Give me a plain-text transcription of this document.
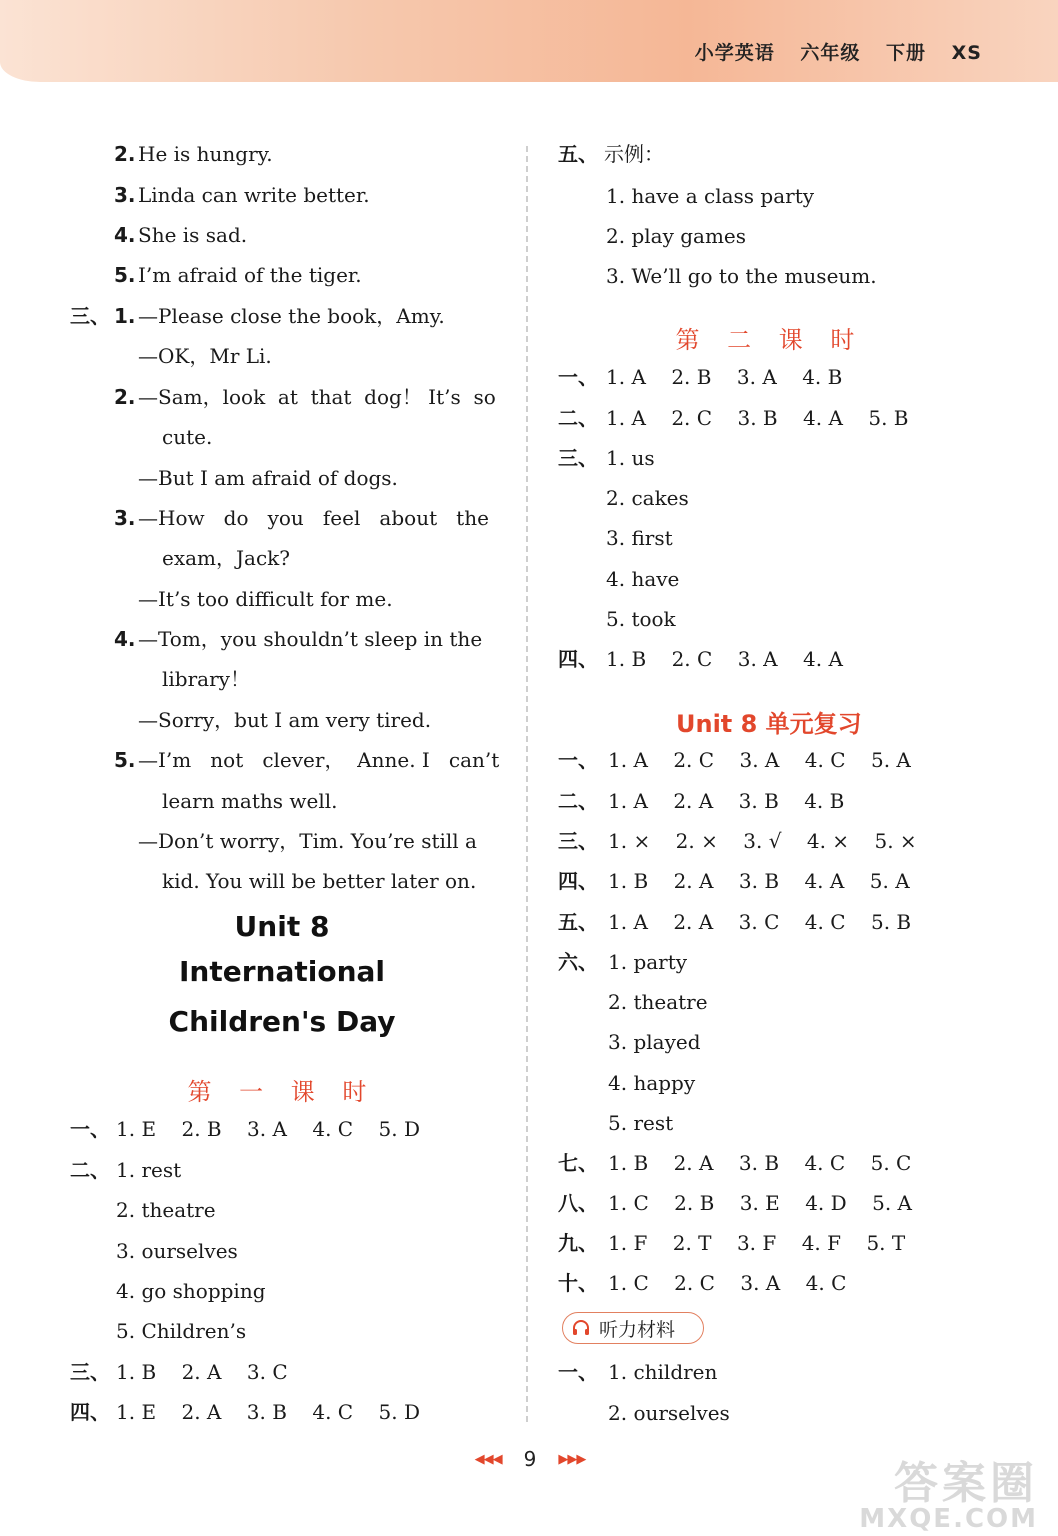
小学英语 六年级 下册 XS
2. He is hungry.
3. Linda can write better.
4. She is sad.
5. I’m afraid of the tiger.
三、 1. —Please close the book，Amy.
—OK，Mr Li.
2. —Sam，look  at  that  dog！ It’s  so
cute.
—But I am afraid of dogs.
3. —How   do   you   feel   about   the
exam，Jack?
—It’s too difficult for me.
4. —Tom，you shouldn’t sleep in the
library！
—Sorry，but I am very tired.
5. —I’m   not   clever，  Anne. I   can’t
learn maths well.
—Don’t worry，Tim. You’re still a
kid. You will be better later on.
Unit 8
International
Children's Day
第 一 课 时
一、 1. E    2. B    3. A    4. C    5. D
二、 1. rest
2. theatre
3. ourselves
4. go shopping
5. Children’s
三、 1. B    2. A    3. C
四、 1. E    2. A    3. B    4. C    5. D
五、 示例：
1. have a class party
2. play games
3. We’ll go to the museum.
第 二 课 时
一、 1. A    2. B    3. A    4. B
二、 1. A    2. C    3. B    4. A    5. B
三、 1. us
2. cakes
3. first
4. have
5. took
四、 1. B    2. C    3. A    4. A
Unit 8 单元复习
一、 1. A    2. C    3. A    4. C    5. A
二、 1. A    2. A    3. B    4. B
三、 1. ×    2. ×    3. √    4. ×    5. ×
四、 1. B    2. A    3. B    4. A    5. A
五、 1. A    2. A    3. C    4. C    5. B
六、 1. party
2. theatre
3. played
4. happy
5. rest
七、 1. B    2. A    3. B    4. C    5. C
八、 1. C    2. B    3. E    4. D    5. A
九、 1. F    2. T    3. F    4. F    5. T
十、 1. C    2. C    3. A    4. C
听力材料
一、 1. children
2. ourselves
◀◀◀ 9 ▶▶▶	答案圈
MXQE.COM
